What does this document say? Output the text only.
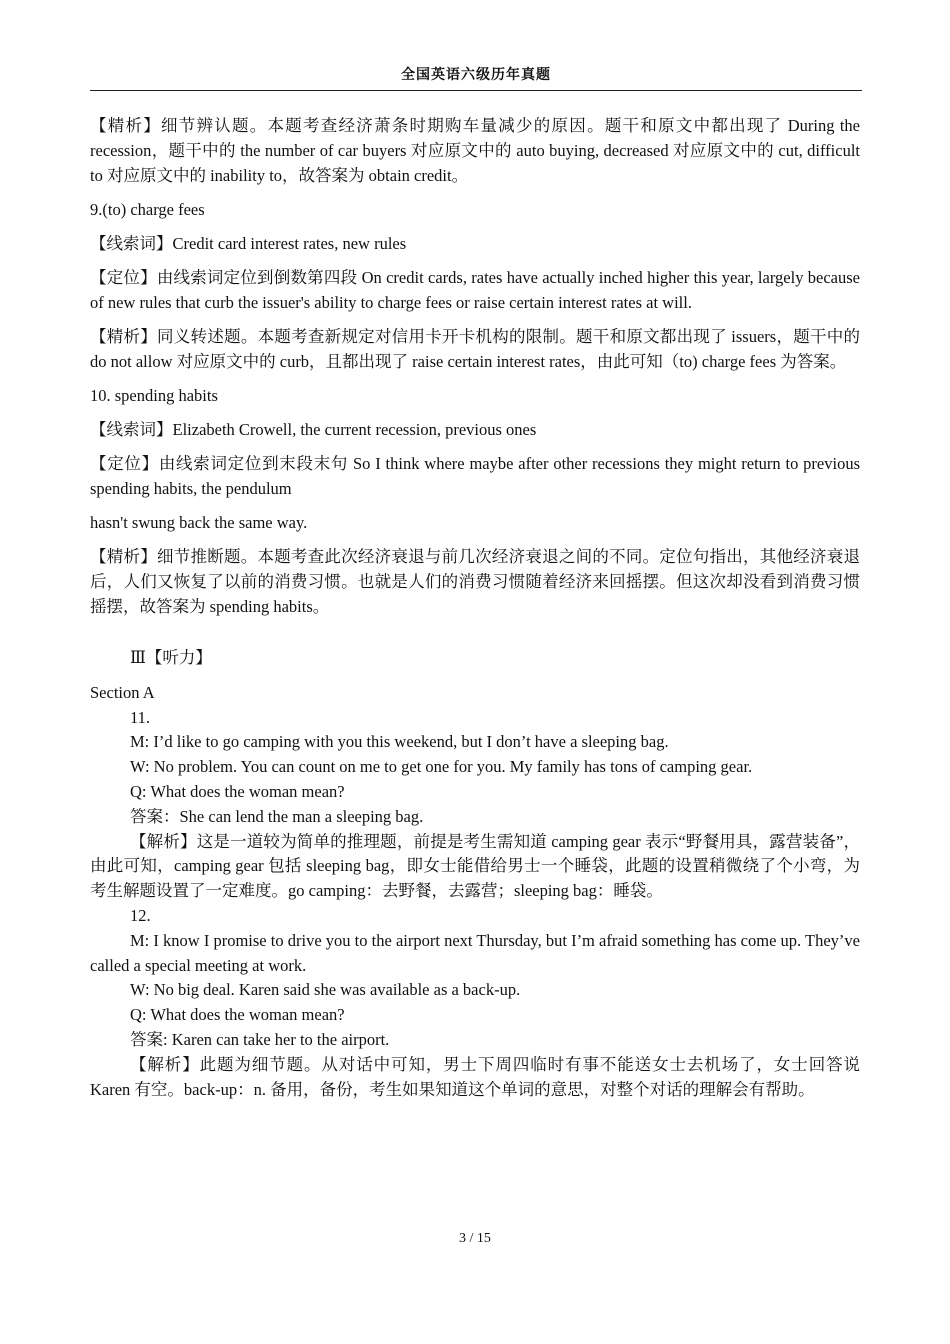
全国英语六级历年真题

【精析】细节辨认题。本题考查经济萧条时期购车量减少的原因。题干和原文中都出现了 During the recession，题干中的 the number of car buyers 对应原文中的 auto buying, decreased 对应原文中的 cut, difficult to 对应原文中的 inability to，故答案为 obtain credit。

9.(to) charge fees

【线索词】Credit card interest rates, new rules

【定位】由线索词定位到倒数第四段 On credit cards, rates have actually inched higher this year, largely because of new rules that curb the issuer's ability to charge fees or raise certain interest rates at will.

【精析】同义转述题。本题考查新规定对信用卡开卡机构的限制。题干和原文都出现了 issuers，题干中的 do not allow 对应原文中的 curb，且都出现了 raise certain interest rates，由此可知（to) charge fees 为答案。

10. spending habits

【线索词】Elizabeth Crowell, the current recession, previous ones

【定位】由线索词定位到末段末句 So I think where maybe after other recessions they might return to previous spending habits, the pendulum

hasn't swung back the same way.

【精析】细节推断题。本题考查此次经济衰退与前几次经济衰退之间的不同。定位句指出，其他经济衰退后，人们又恢复了以前的消费习惯。也就是人们的消费习惯随着经济来回摇摆。但这次却没看到消费习惯摇摆，故答案为 spending habits。

Ⅲ【听力】

Section A

11.

M: I’d like to go camping with you this weekend, but I don’t have a sleeping bag.

W: No problem. You can count on me to get one for you. My family has tons of camping gear.

Q: What does the woman mean?

答案：She can lend the man a sleeping bag.

【解析】这是一道较为简单的推理题，前提是考生需知道 camping gear 表示“野餐用具，露营装备”，由此可知，camping gear 包括 sleeping bag，即女士能借给男士一个睡袋，此题的设置稍微绕了个小弯，为考生解题设置了一定难度。go camping：去野餐，去露营；sleeping bag：睡袋。

12.

M: I know I promise to drive you to the airport next Thursday, but I’m afraid something has come up. They’ve called a special meeting at work.

W: No big deal. Karen said she was available as a back-up.

Q: What does the woman mean?

答案: Karen can take her to the airport.

【解析】此题为细节题。从对话中可知，男士下周四临时有事不能送女士去机场了，女士回答说 Karen 有空。back-up：n. 备用，备份，考生如果知道这个单词的意思，对整个对话的理解会有帮助。

3 / 15
